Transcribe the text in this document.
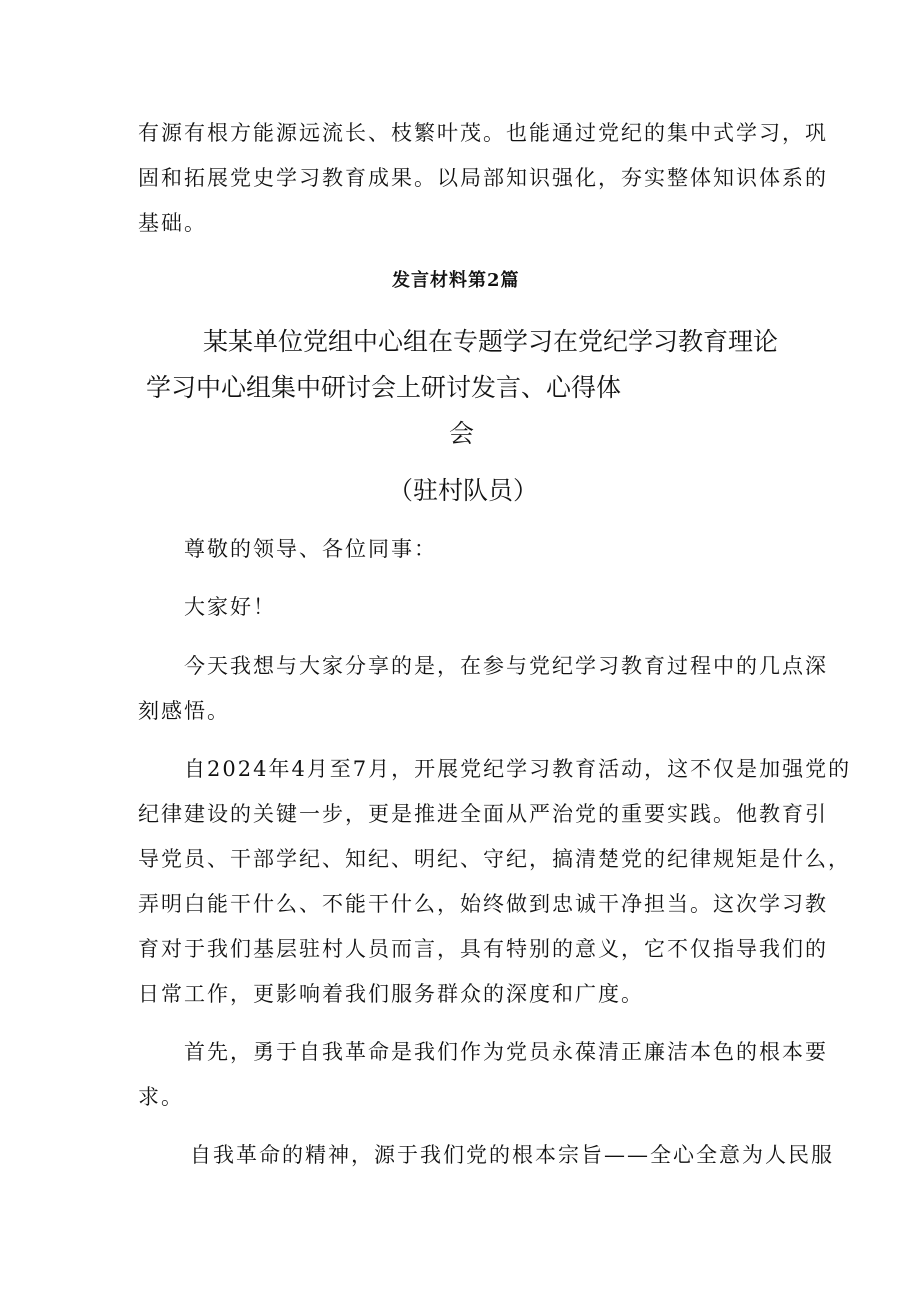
有源有根方能源远流长、枝繁叶茂。也能通过党纪的集中式学习，巩
固和拓展党史学习教育成果。以局部知识强化，夯实整体知识体系的
基础。
发言材料第2篇
某某单位党组中心组在专题学习在党纪学习教育理论
学习中心组集中研讨会上研讨发言、心得体
会
（驻村队员）
尊敬的领导、各位同事：
大家好！
今天我想与大家分享的是，在参与党纪学习教育过程中的几点深
刻感悟。
自2024年4月至7月，开展党纪学习教育活动，这不仅是加强党的
纪律建设的关键一步，更是推进全面从严治党的重要实践。他教育引
导党员、干部学纪、知纪、明纪、守纪，搞清楚党的纪律规矩是什么，
弄明白能干什么、不能干什么，始终做到忠诚干净担当。这次学习教
育对于我们基层驻村人员而言，具有特别的意义，它不仅指导我们的
日常工作，更影响着我们服务群众的深度和广度。
首先，勇于自我革命是我们作为党员永葆清正廉洁本色的根本要
求。
自我革命的精神，源于我们党的根本宗旨——全心全意为人民服
